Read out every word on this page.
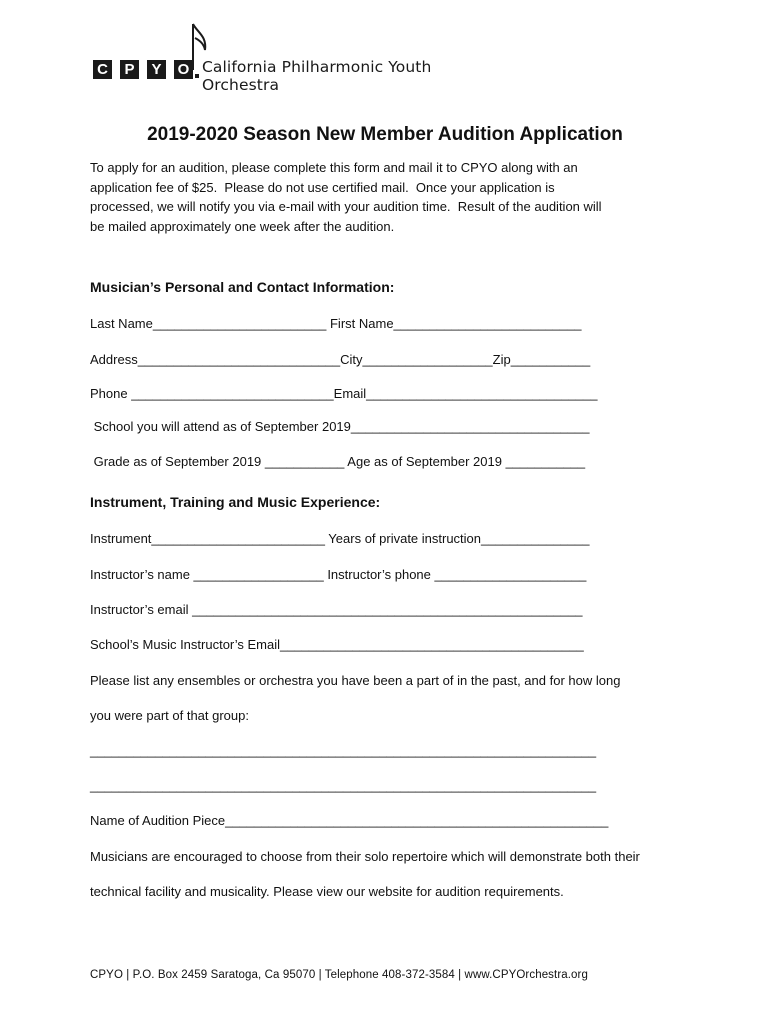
C P	Y	O California Philharmonic Youth Orchestra
2019-2020 Season New Member Audition Application
To apply for an audition, please complete this form and mail it to CPYO along with an
application fee of $25.  Please do not use certified mail.  Once your application is
processed, we will notify you via e-mail with your audition time.  Result of the audition will
be mailed approximately one week after the audition.
Musician’s Personal and Contact Information:
Last Name________________________ First Name__________________________
Address____________________________City__________________Zip___________
Phone ____________________________Email________________________________
School you will attend as of September 2019_________________________________
Grade as of September 2019 ___________ Age as of September 2019 ___________
Instrument, Training and Music Experience:
Instrument________________________ Years of private instruction_______________
Instructor’s name __________________ Instructor’s phone _____________________
Instructor’s email ______________________________________________________
School’s Music Instructor’s Email__________________________________________
Please list any ensembles or orchestra you have been a part of in the past, and for how long
you were part of that group:
______________________________________________________________________
______________________________________________________________________
Name of Audition Piece_____________________________________________________
Musicians are encouraged to choose from their solo repertoire which will demonstrate both their
technical facility and musicality. Please view our website for audition requirements.
CPYO | P.O. Box 2459 Saratoga, Ca 95070 | Telephone 408-372-3584 | www.CPYOrchestra.org
